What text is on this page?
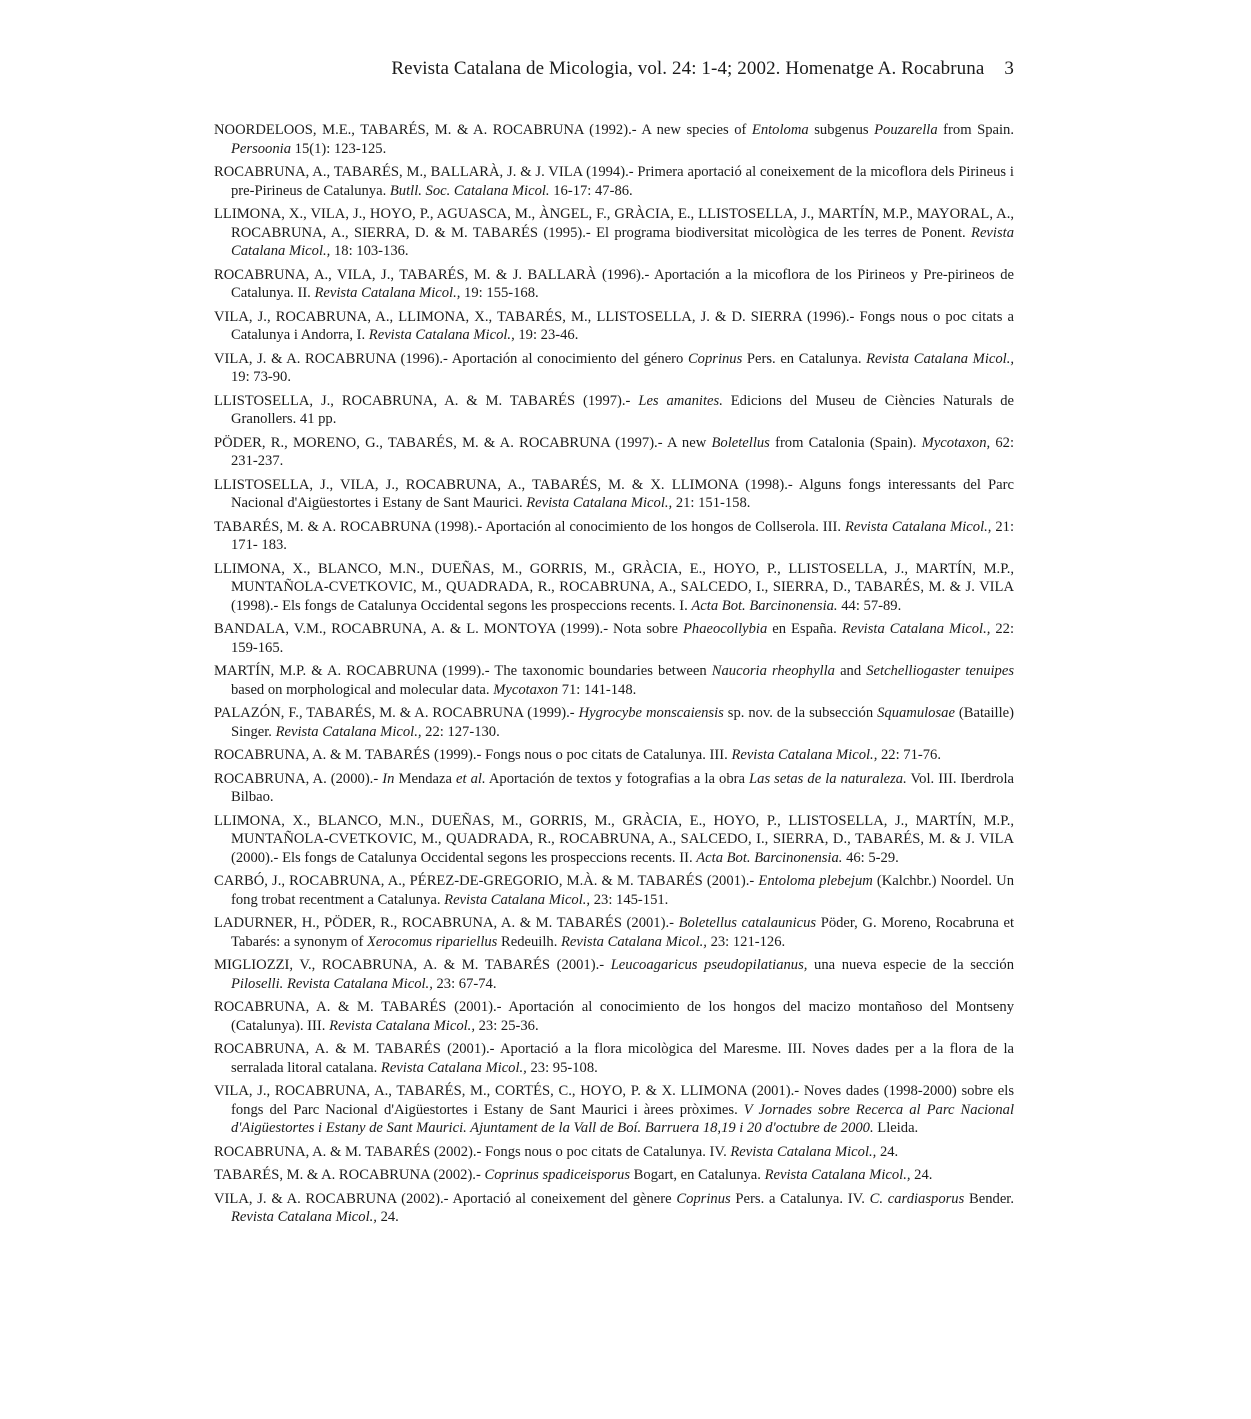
Revista Catalana de Micologia, vol. 24: 1-4; 2002. Homenatge A. Rocabruna 3

NOORDELOOS, M.E., TABARÉS, M. & A. ROCABRUNA (1992).- A new species of Entoloma subgenus Pouzarella from Spain. Persoonia 15(1): 123-125.

ROCABRUNA, A., TABARÉS, M., BALLARÀ, J. & J. VILA (1994).- Primera aportació al coneixement de la micoflora dels Pirineus i pre-Pirineus de Catalunya. Butll. Soc. Catalana Micol. 16-17: 47-86.

LLIMONA, X., VILA, J., HOYO, P., AGUASCA, M., ÀNGEL, F., GRÀCIA, E., LLISTOSELLA, J., MARTÍN, M.P., MAYORAL, A., ROCABRUNA, A., SIERRA, D. & M. TABARÉS (1995).- El programa biodiversitat micològica de les terres de Ponent. Revista Catalana Micol., 18: 103-136.

ROCABRUNA, A., VILA, J., TABARÉS, M. & J. BALLARÀ (1996).- Aportación a la micoflora de los Pirineos y Pre-pirineos de Catalunya. II. Revista Catalana Micol., 19: 155-168.

VILA, J., ROCABRUNA, A., LLIMONA, X., TABARÉS, M., LLISTOSELLA, J. & D. SIERRA (1996).- Fongs nous o poc citats a Catalunya i Andorra, I. Revista Catalana Micol., 19: 23-46.

VILA, J. & A. ROCABRUNA (1996).- Aportación al conocimiento del género Coprinus Pers. en Catalunya. Revista Catalana Micol., 19: 73-90.

LLISTOSELLA, J., ROCABRUNA, A. & M. TABARÉS (1997).- Les amanites. Edicions del Museu de Ciències Naturals de Granollers. 41 pp.

PÖDER, R., MORENO, G., TABARÉS, M. & A. ROCABRUNA (1997).- A new Boletellus from Catalonia (Spain). Mycotaxon, 62: 231-237.

LLISTOSELLA, J., VILA, J., ROCABRUNA, A., TABARÉS, M. & X. LLIMONA (1998).- Alguns fongs interessants del Parc Nacional d'Aigüestortes i Estany de Sant Maurici. Revista Catalana Micol., 21: 151-158.

TABARÉS, M. & A. ROCABRUNA (1998).- Aportación al conocimiento de los hongos de Collserola. III. Revista Catalana Micol., 21: 171- 183.

LLIMONA, X., BLANCO, M.N., DUEÑAS, M., GORRIS, M., GRÀCIA, E., HOYO, P., LLISTOSELLA, J., MARTÍN, M.P., MUNTAÑOLA-CVETKOVIC, M., QUADRADA, R., ROCABRUNA, A., SALCEDO, I., SIERRA, D., TABARÉS, M. & J. VILA (1998).- Els fongs de Catalunya Occidental segons les prospeccions recents. I. Acta Bot. Barcinonensia. 44: 57-89.

BANDALA, V.M., ROCABRUNA, A. & L. MONTOYA (1999).- Nota sobre Phaeocollybia en España. Revista Catalana Micol., 22: 159-165.

MARTÍN, M.P. & A. ROCABRUNA (1999).- The taxonomic boundaries between Naucoria rheophylla and Setchelliogaster tenuipes based on morphological and molecular data. Mycotaxon 71: 141-148.

PALAZÓN, F., TABARÉS, M. & A. ROCABRUNA (1999).- Hygrocybe monscaiensis sp. nov. de la subsección Squamulosae (Bataille) Singer. Revista Catalana Micol., 22: 127-130.

ROCABRUNA, A. & M. TABARÉS (1999).- Fongs nous o poc citats de Catalunya. III. Revista Catalana Micol., 22: 71-76.

ROCABRUNA, A. (2000).- In Mendaza et al. Aportación de textos y fotografias a la obra Las setas de la naturaleza. Vol. III. Iberdrola Bilbao.

LLIMONA, X., BLANCO, M.N., DUEÑAS, M., GORRIS, M., GRÀCIA, E., HOYO, P., LLISTOSELLA, J., MARTÍN, M.P., MUNTAÑOLA-CVETKOVIC, M., QUADRADA, R., ROCABRUNA, A., SALCEDO, I., SIERRA, D., TABARÉS, M. & J. VILA (2000).- Els fongs de Catalunya Occidental segons les prospeccions recents. II. Acta Bot. Barcinonensia. 46: 5-29.

CARBÓ, J., ROCABRUNA, A., PÉREZ-DE-GREGORIO, M.À. & M. TABARÉS (2001).- Entoloma plebejum (Kalchbr.) Noordel. Un fong trobat recentment a Catalunya. Revista Catalana Micol., 23: 145-151.

LADURNER, H., PÖDER, R., ROCABRUNA, A. & M. TABARÉS (2001).- Boletellus catalaunicus Pöder, G. Moreno, Rocabruna et Tabarés: a synonym of Xerocomus ripariellus Redeuilh. Revista Catalana Micol., 23: 121-126.

MIGLIOZZI, V., ROCABRUNA, A. & M. TABARÉS (2001).- Leucoagaricus pseudopilatianus, una nueva especie de la sección Piloselli. Revista Catalana Micol., 23: 67-74.

ROCABRUNA, A. & M. TABARÉS (2001).- Aportación al conocimiento de los hongos del macizo montañoso del Montseny (Catalunya). III. Revista Catalana Micol., 23: 25-36.

ROCABRUNA, A. & M. TABARÉS (2001).- Aportació a la flora micològica del Maresme. III. Noves dades per a la flora de la serralada litoral catalana. Revista Catalana Micol., 23: 95-108.

VILA, J., ROCABRUNA, A., TABARÉS, M., CORTÉS, C., HOYO, P. & X. LLIMONA (2001).- Noves dades (1998-2000) sobre els fongs del Parc Nacional d'Aigüestortes i Estany de Sant Maurici i àrees pròximes. V Jornades sobre Recerca al Parc Nacional d'Aigüestortes i Estany de Sant Maurici. Ajuntament de la Vall de Boí. Barruera 18,19 i 20 d'octubre de 2000. Lleida.

ROCABRUNA, A. & M. TABARÉS (2002).- Fongs nous o poc citats de Catalunya. IV. Revista Catalana Micol., 24.

TABARÉS, M. & A. ROCABRUNA (2002).- Coprinus spadiceisporus Bogart, en Catalunya. Revista Catalana Micol., 24.

VILA, J. & A. ROCABRUNA (2002).- Aportació al coneixement del gènere Coprinus Pers. a Catalunya. IV. C. cardiasporus Bender. Revista Catalana Micol., 24.
